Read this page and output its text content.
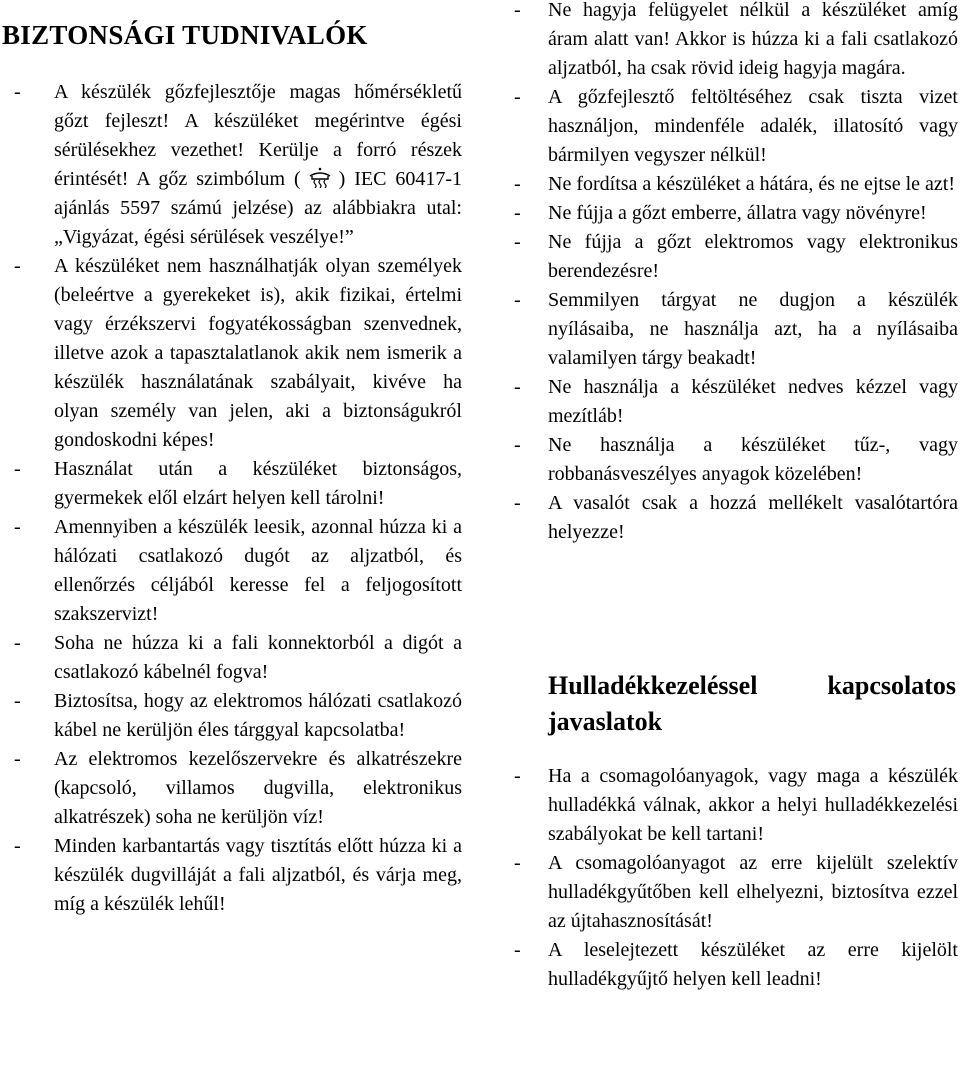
BIZTONSÁGI TUDNIVALÓK
- A készülék gőzfejlesztője magas hőmérsékletű gőzt fejleszt! A készüléket megérintve égési sérülésekhez vezethet! Kerülje a forró részek érintését! A gőz szimbólum ( ) IEC 60417-1 ajánlás 5597 számú jelzése) az alábbiakra utal: „Vigyázat, égési sérülések veszélye!”
- A készüléket nem használhatják olyan személyek (beleértve a gyerekeket is), akik fizikai, értelmi vagy érzékszervi fogyatékosságban szenvednek, illetve azok a tapasztalatlanok akik nem ismerik a készülék használatának szabályait, kivéve ha olyan személy van jelen, aki a biztonságukról gondoskodni képes!
- Használat után a készüléket biztonságos, gyermekek elől elzárt helyen kell tárolni!
- Amennyiben a készülék leesik, azonnal húzza ki a hálózati csatlakozó dugót az aljzatból, és ellenőrzés céljából keresse fel a feljogosított szakszervizt!
- Soha ne húzza ki a fali konnektorból a digót a csatlakozó kábelnél fogva!
- Biztosítsa, hogy az elektromos hálózati csatlakozó kábel ne kerüljön éles tárggyal kapcsolatba!
- Az elektromos kezelőszervekre és alkatrészekre (kapcsoló, villamos dugvilla, elektronikus alkatrészek) soha ne kerüljön víz!
- Minden karbantartás vagy tisztítás előtt húzza ki a készülék dugvilláját a fali aljzatból, és várja meg, míg a készülék lehűl!
- Ne hagyja felügyelet nélkül a készüléket amíg áram alatt van! Akkor is húzza ki a fali csatlakozó aljzatból, ha csak rövid ideig hagyja magára.
- A gőzfejlesztő feltöltéséhez csak tiszta vizet használjon, mindenféle adalék, illatosító vagy bármilyen vegyszer nélkül!
- Ne fordítsa a készüléket a hátára, és ne ejtse le azt!
- Ne fújja a gőzt emberre, állatra vagy növényre!
- Ne fújja a gőzt elektromos vagy elektronikus berendezésre!
- Semmilyen tárgyat ne dugjon a készülék nyílásaiba, ne használja azt, ha a nyílásaiba valamilyen tárgy beakadt!
- Ne használja a készüléket nedves kézzel vagy mezítláb!
- Ne használja a készüléket tűz-, vagy robbanásveszélyes anyagok közelében!
- A vasalót csak a hozzá mellékelt vasalótartóra helyezze!
Hulladékkezeléssel kapcsolatos javaslatok
- Ha a csomagolóanyagok, vagy maga a készülék hulladékká válnak, akkor a helyi hulladékkezelési szabályokat be kell tartani!
- A csomagolóanyagot az erre kijelült szelektív hulladékgyűtőben kell elhelyezni, biztosítva ezzel az újtahasznosítását!
- A leselejtezett készüléket az erre kijelölt hulladékgyűjtő helyen kell leadni!
